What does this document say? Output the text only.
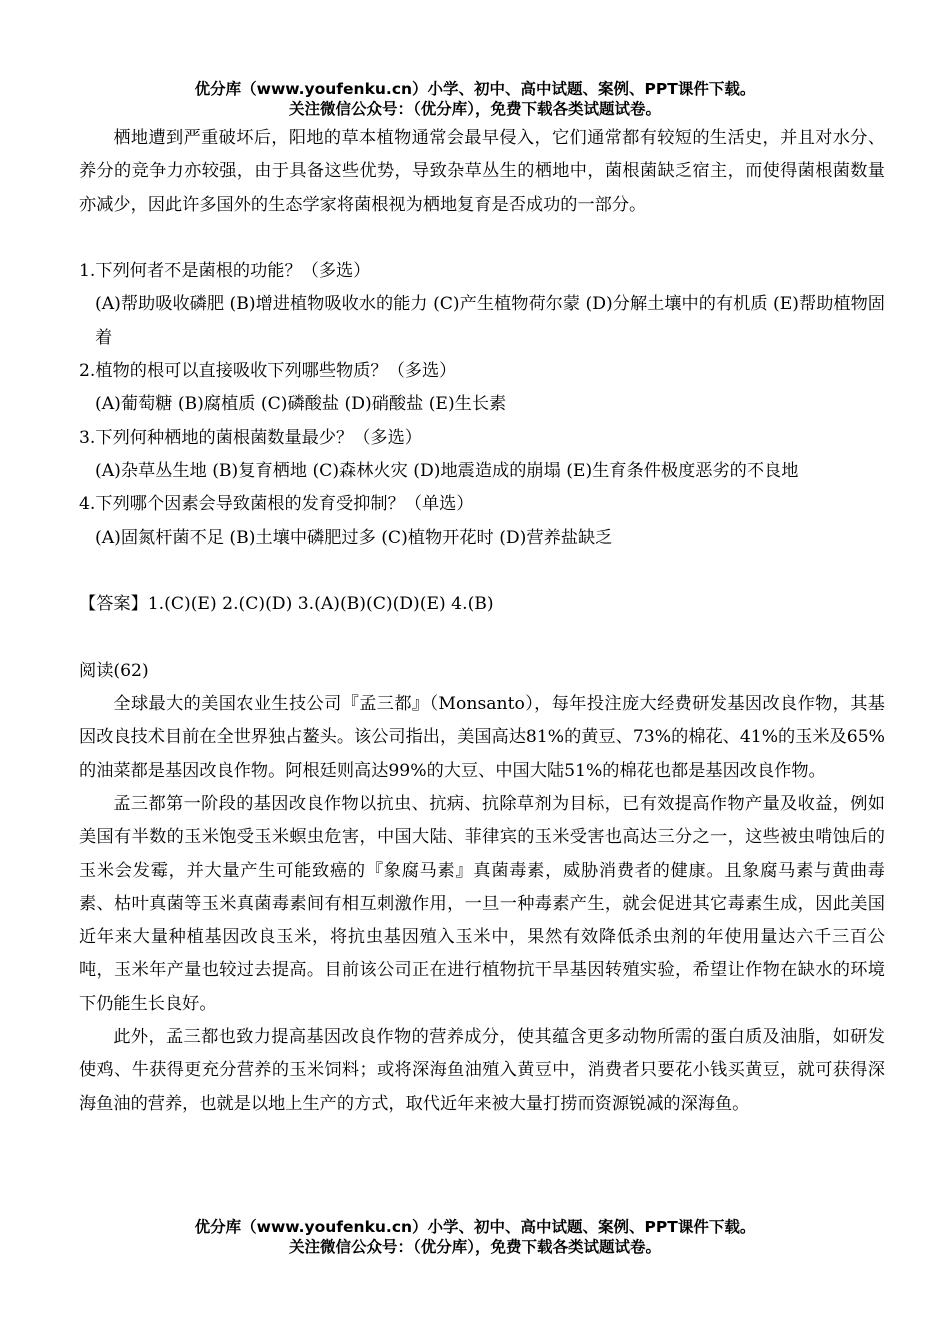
优分库（www.youfenku.cn）小学、初中、高中试题、案例、PPT课件下载。
关注微信公众号：（优分库），免费下载各类试题试卷。

栖地遭到严重破坏后，阳地的草本植物通常会最早侵入，它们通常都有较短的生活史，并且对水分、养分的竞争力亦较强，由于具备这些优势，导致杂草丛生的栖地中，菌根菌缺乏宿主，而使得菌根菌数量亦减少，因此许多国外的生态学家将菌根视为栖地复育是否成功的一部分。

1.下列何者不是菌根的功能？（多选）

(A)帮助吸收磷肥 (B)增进植物吸收水的能力 (C)产生植物荷尔蒙 (D)分解土壤中的有机质 (E)帮助植物固着

2.植物的根可以直接吸收下列哪些物质？（多选）

(A)葡萄糖 (B)腐植质 (C)磷酸盐 (D)硝酸盐 (E)生长素

3.下列何种栖地的菌根菌数量最少？（多选）

(A)杂草丛生地 (B)复育栖地 (C)森林火灾 (D)地震造成的崩塌 (E)生育条件极度恶劣的不良地

4.下列哪个因素会导致菌根的发育受抑制？（单选）

(A)固氮杆菌不足 (B)土壤中磷肥过多 (C)植物开花时 (D)营养盐缺乏

【答案】1.(C)(E) 2.(C)(D) 3.(A)(B)(C)(D)(E) 4.(B)

阅读(62)

全球最大的美国农业生技公司『孟三都』（Monsanto），每年投注庞大经费研发基因改良作物，其基因改良技术目前在全世界独占鳌头。该公司指出，美国高达81%的黄豆、73%的棉花、41%的玉米及65%的油菜都是基因改良作物。阿根廷则高达99%的大豆、中国大陆51%的棉花也都是基因改良作物。

孟三都第一阶段的基因改良作物以抗虫、抗病、抗除草剂为目标，已有效提高作物产量及收益，例如美国有半数的玉米饱受玉米螟虫危害，中国大陆、菲律宾的玉米受害也高达三分之一，这些被虫啃蚀后的玉米会发霉，并大量产生可能致癌的『象腐马素』真菌毒素，威胁消费者的健康。且象腐马素与黄曲毒素、枯叶真菌等玉米真菌毒素间有相互刺激作用，一旦一种毒素产生，就会促进其它毒素生成，因此美国近年来大量种植基因改良玉米，将抗虫基因殖入玉米中，果然有效降低杀虫剂的年使用量达六千三百公吨，玉米年产量也较过去提高。目前该公司正在进行植物抗干旱基因转殖实验，希望让作物在缺水的环境下仍能生长良好。

此外，孟三都也致力提高基因改良作物的营养成分，使其蕴含更多动物所需的蛋白质及油脂，如研发使鸡、牛获得更充分营养的玉米饲料；或将深海鱼油殖入黄豆中，消费者只要花小钱买黄豆，就可获得深海鱼油的营养，也就是以地上生产的方式，取代近年来被大量打捞而资源锐减的深海鱼。

优分库（www.youfenku.cn）小学、初中、高中试题、案例、PPT课件下载。
关注微信公众号：（优分库），免费下载各类试题试卷。
